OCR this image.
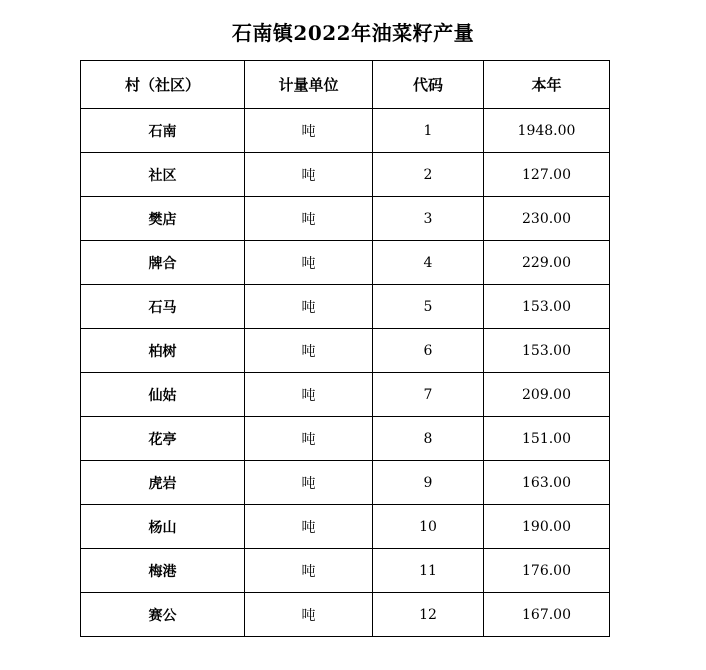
石南镇2022年油菜籽产量
村（社区）	计量单位	代码	本年
石南	吨	1	1948.00
社区	吨	2	127.00
樊店	吨	3	230.00
牌合	吨	4	229.00
石马	吨	5	153.00
柏树	吨	6	153.00
仙姑	吨	7	209.00
花亭	吨	8	151.00
虎岩	吨	9	163.00
杨山	吨	10	190.00
梅港	吨	11	176.00
赛公	吨	12	167.00
